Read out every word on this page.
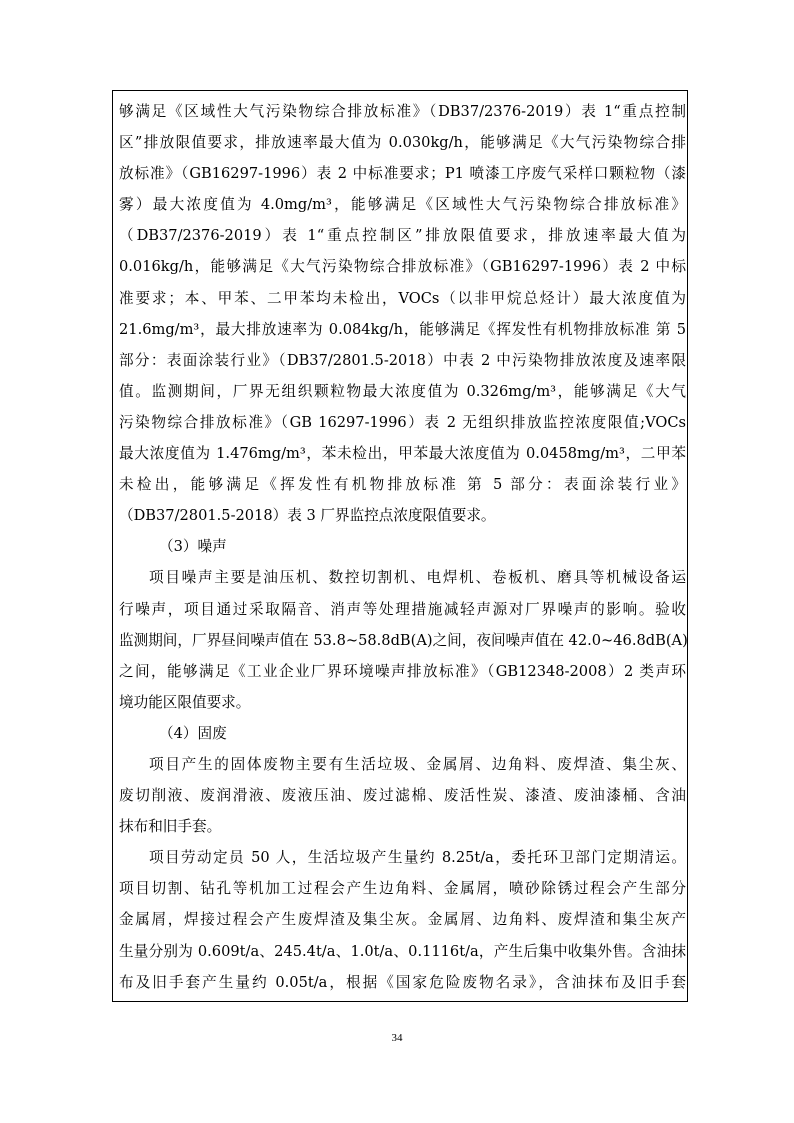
够满足《区域性大气污染物综合排放标准》（DB37/2376-2019）表 1“重点控制
区”排放限值要求，排放速率最大值为 0.030kg/h，能够满足《大气污染物综合排
放标准》（GB16297-1996）表 2 中标准要求；P1 喷漆工序废气采样口颗粒物（漆
雾）最大浓度值为 4.0mg/m³，能够满足《区域性大气污染物综合排放标准》
（DB37/2376-2019）表 1“重点控制区”排放限值要求，排放速率最大值为
0.016kg/h，能够满足《大气污染物综合排放标准》（GB16297-1996）表 2 中标
准要求；本、甲苯、二甲苯均未检出，VOCs（以非甲烷总烃计）最大浓度值为
21.6mg/m³，最大排放速率为 0.084kg/h，能够满足《挥发性有机物排放标准 第 5
部分：表面涂装行业》（DB37/2801.5-2018）中表 2 中污染物排放浓度及速率限
值。监测期间，厂界无组织颗粒物最大浓度值为 0.326mg/m³，能够满足《大气
污染物综合排放标准》（GB 16297-1996）表 2 无组织排放监控浓度限值;VOCs
最大浓度值为 1.476mg/m³，苯未检出，甲苯最大浓度值为 0.0458mg/m³，二甲苯
未检出，能够满足《挥发性有机物排放标准 第 5 部分：表面涂装行业》
（DB37/2801.5-2018）表 3 厂界监控点浓度限值要求。
（3）噪声
项目噪声主要是油压机、数控切割机、电焊机、卷板机、磨具等机械设备运
行噪声，项目通过采取隔音、消声等处理措施减轻声源对厂界噪声的影响。验收
监测期间，厂界昼间噪声值在 53.8~58.8dB(A)之间，夜间噪声值在 42.0~46.8dB(A)
之间，能够满足《工业企业厂界环境噪声排放标准》（GB12348-2008）2 类声环
境功能区限值要求。
（4）固废
项目产生的固体废物主要有生活垃圾、金属屑、边角料、废焊渣、集尘灰、
废切削液、废润滑液、废液压油、废过滤棉、废活性炭、漆渣、废油漆桶、含油
抹布和旧手套。
项目劳动定员 50 人，生活垃圾产生量约 8.25t/a，委托环卫部门定期清运。
项目切割、钻孔等机加工过程会产生边角料、金属屑，喷砂除锈过程会产生部分
金属屑，焊接过程会产生废焊渣及集尘灰。金属屑、边角料、废焊渣和集尘灰产
生量分别为 0.609t/a、245.4t/a、1.0t/a、0.1116t/a，产生后集中收集外售。含油抹
布及旧手套产生量约 0.05t/a，根据《国家危险废物名录》，含油抹布及旧手套
34
